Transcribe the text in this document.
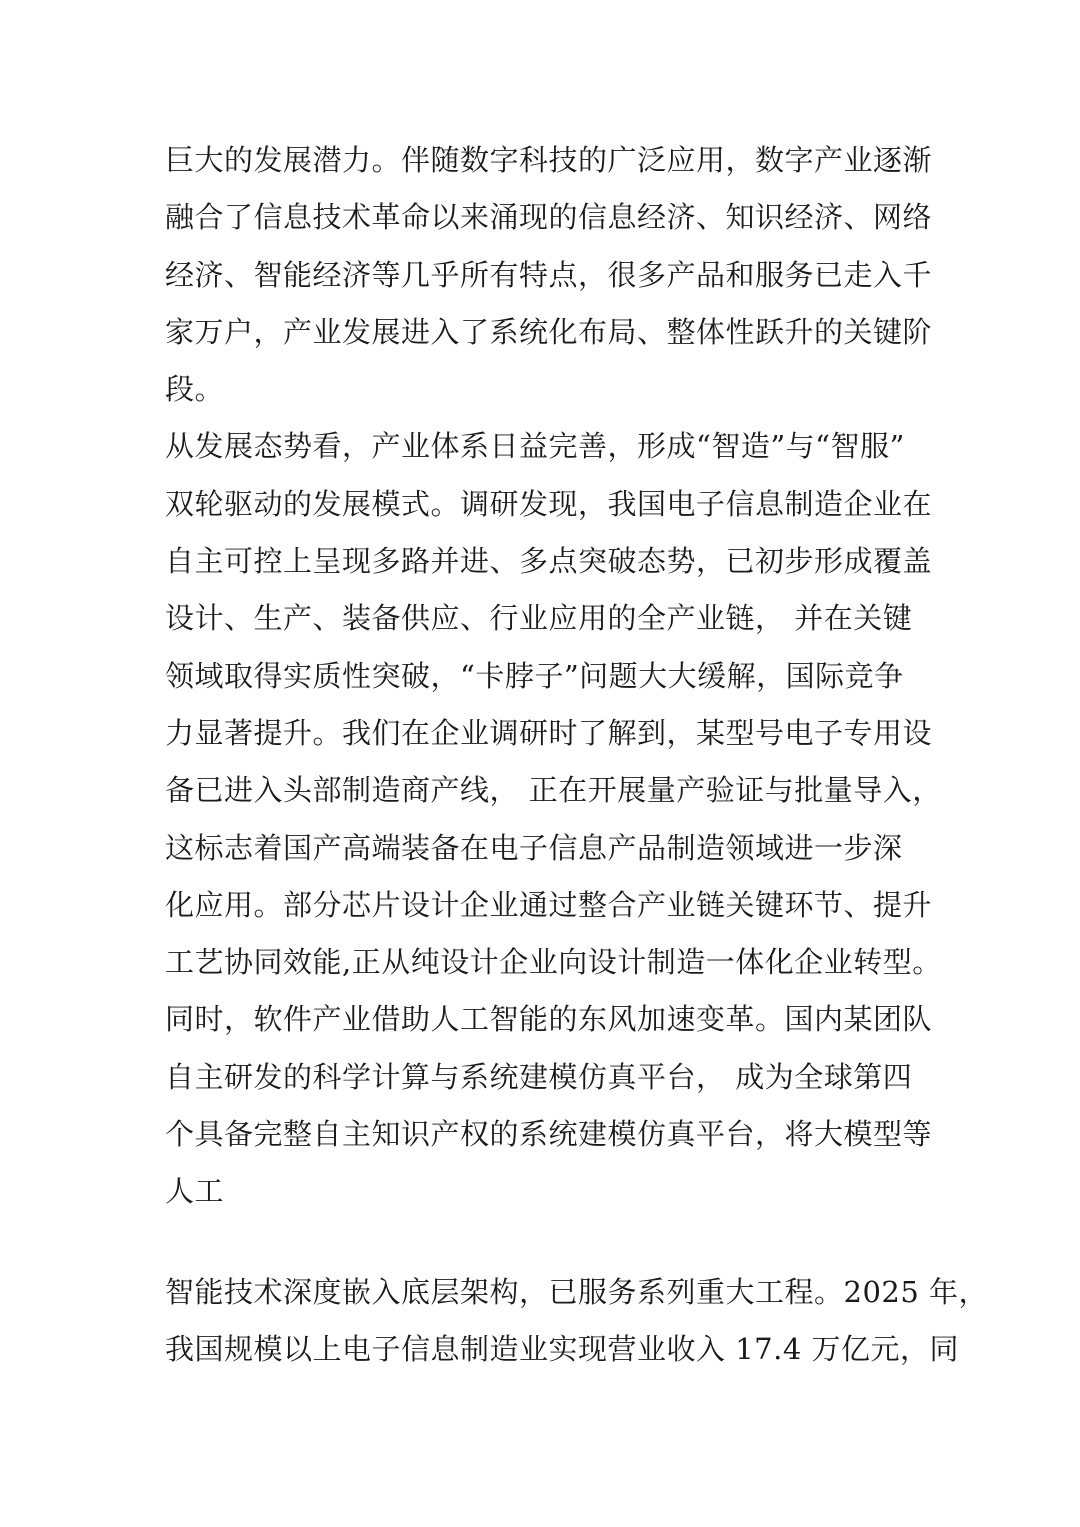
巨大的发展潜力。伴随数字科技的广泛应用，数字产业逐渐
融合了信息技术革命以来涌现的信息经济、知识经济、网络
经济、智能经济等几乎所有特点，很多产品和服务已走入千
家万户，产业发展进入了系统化布局、整体性跃升的关键阶
段。
从发展态势看，产业体系日益完善，形成“智造”与“智服”
双轮驱动的发展模式。调研发现，我国电子信息制造企业在
自主可控上呈现多路并进、多点突破态势，已初步形成覆盖
设计、生产、装备供应、行业应用的全产业链， 并在关键
领域取得实质性突破，“卡脖子”问题大大缓解，国际竞争
力显著提升。我们在企业调研时了解到，某型号电子专用设
备已进入头部制造商产线， 正在开展量产验证与批量导入，
这标志着国产高端装备在电子信息产品制造领域进一步深
化应用。部分芯片设计企业通过整合产业链关键环节、提升
工艺协同效能,正从纯设计企业向设计制造一体化企业转型。
同时，软件产业借助人工智能的东风加速变革。国内某团队
自主研发的科学计算与系统建模仿真平台， 成为全球第四
个具备完整自主知识产权的系统建模仿真平台，将大模型等
人工
智能技术深度嵌入底层架构，已服务系列重大工程。2025 年，
我国规模以上电子信息制造业实现营业收入 17.4 万亿元，同
